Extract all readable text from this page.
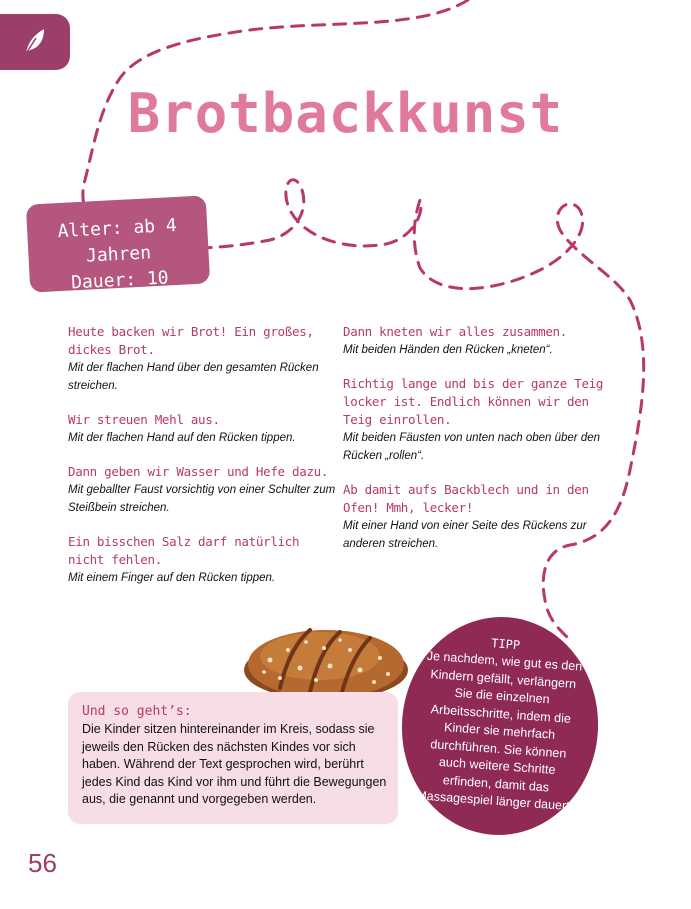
Brotbackkunst
Alter: ab 4 Jahren
Dauer: 10 Minuten
Heute backen wir Brot! Ein großes, dickes Brot.
Mit der flachen Hand über den gesamten Rücken streichen.
Wir streuen Mehl aus.
Mit der flachen Hand auf den Rücken tippen.
Dann geben wir Wasser und Hefe dazu.
Mit geballter Faust vorsichtig von einer Schulter zum Steißbein streichen.
Ein bisschen Salz darf natürlich nicht fehlen.
Mit einem Finger auf den Rücken tippen.
Dann kneten wir alles zusammen.
Mit beiden Händen den Rücken „kneten“.
Richtig lange und bis der ganze Teig locker ist. Endlich können wir den Teig einrollen.
Mit beiden Fäusten von unten nach oben über den Rücken „rollen“.
Ab damit aufs Backblech und in den Ofen! Mmh, lecker!
Mit einer Hand von einer Seite des Rückens zur anderen streichen.
Und so geht’s:
Die Kinder sitzen hintereinander im Kreis, sodass sie jeweils den Rücken des nächsten Kindes vor sich haben. Während der Text gesprochen wird, berührt jedes Kind das Kind vor ihm und führt die Bewegungen aus, die genannt und vorgegeben werden.
TIPP
Je nachdem, wie gut es den Kindern gefällt, verlängern Sie die einzelnen Arbeitsschritte, indem die Kinder sie mehrfach durchführen. Sie können auch weitere Schritte erfinden, damit das Massagespiel länger dauert.
56
